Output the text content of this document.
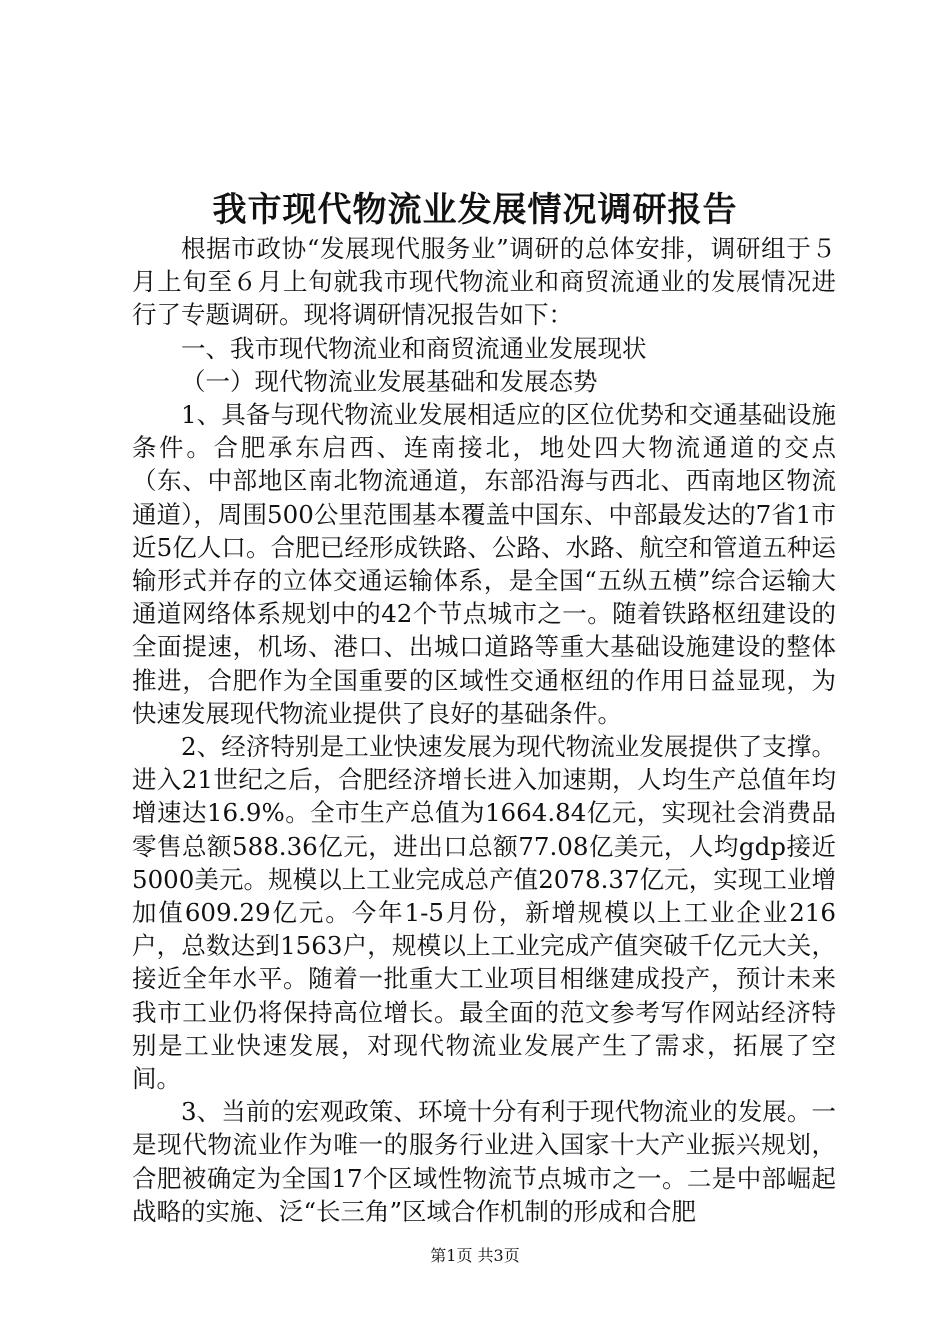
我市现代物流业发展情况调研报告

根据市政协“发展现代服务业”调研的总体安排，调研组于５月上旬至６月上旬就我市现代物流业和商贸流通业的发展情况进行了专题调研。现将调研情况报告如下：

一、我市现代物流业和商贸流通业发展现状

（一）现代物流业发展基础和发展态势

1、具备与现代物流业发展相适应的区位优势和交通基础设施条件。合肥承东启西、连南接北，地处四大物流通道的交点（东、中部地区南北物流通道，东部沿海与西北、西南地区物流通道），周围500公里范围基本覆盖中国东、中部最发达的7省1市近5亿人口。合肥已经形成铁路、公路、水路、航空和管道五种运输形式并存的立体交通运输体系，是全国“五纵五横”综合运输大通道网络体系规划中的42个节点城市之一。随着铁路枢纽建设的全面提速，机场、港口、出城口道路等重大基础设施建设的整体推进，合肥作为全国重要的区域性交通枢纽的作用日益显现，为快速发展现代物流业提供了良好的基础条件。

2、经济特别是工业快速发展为现代物流业发展提供了支撑。进入21世纪之后，合肥经济增长进入加速期，人均生产总值年均增速达16.9%。全市生产总值为1664.84亿元，实现社会消费品零售总额588.36亿元，进出口总额77.08亿美元，人均gdp接近5000美元。规模以上工业完成总产值2078.37亿元，实现工业增加值609.29亿元。今年1-5月份，新增规模以上工业企业216户，总数达到1563户，规模以上工业完成产值突破千亿元大关，接近全年水平。随着一批重大工业项目相继建成投产，预计未来我市工业仍将保持高位增长。最全面的范文参考写作网站经济特别是工业快速发展，对现代物流业发展产生了需求，拓展了空间。

3、当前的宏观政策、环境十分有利于现代物流业的发展。一是现代物流业作为唯一的服务行业进入国家十大产业振兴规划，合肥被确定为全国17个区域性物流节点城市之一。二是中部崛起战略的实施、泛“长三角”区域合作机制的形成和合肥

第1页 共3页
